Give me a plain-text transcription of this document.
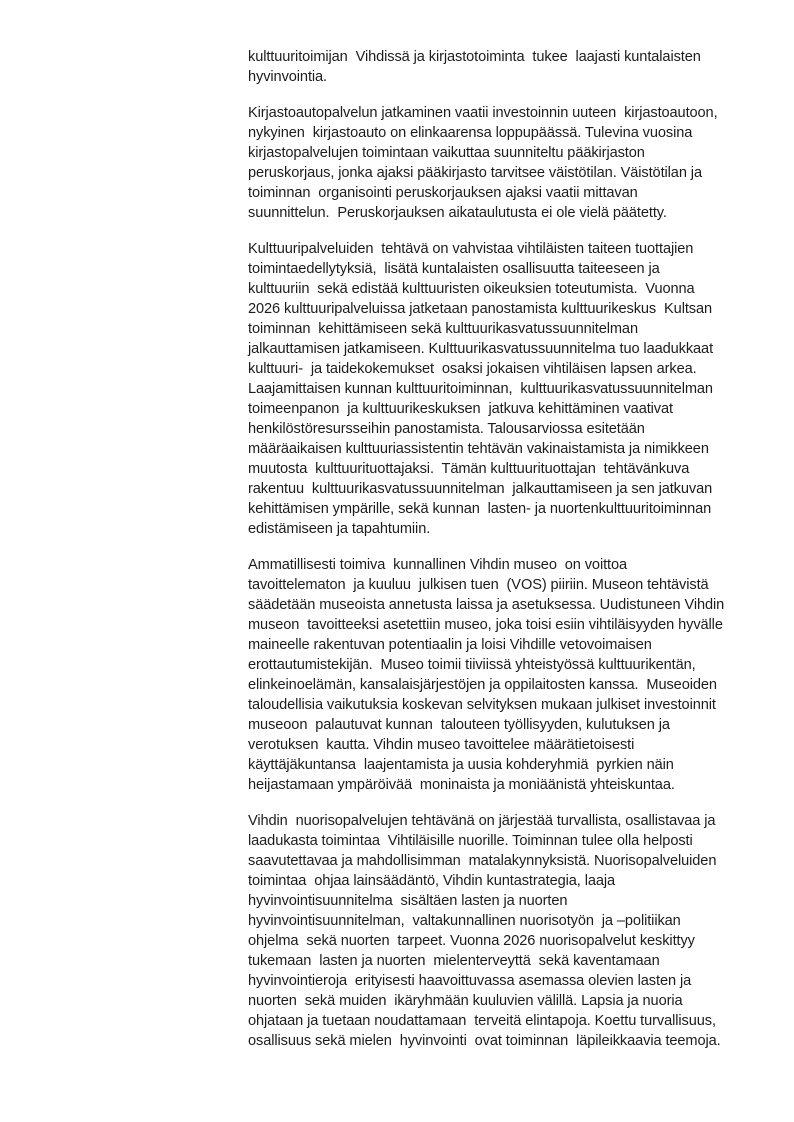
kulttuuritoimijan  Vihdissä ja kirjastotoiminta  tukee  laajasti kuntalaisten
hyvinvointia.
Kirjastoautopalvelun jatkaminen vaatii investoinnin uuteen  kirjastoautoon,
nykyinen  kirjastoauto on elinkaarensa loppupäässä. Tulevina vuosina
kirjastopalvelujen toimintaan vaikuttaa suunniteltu pääkirjaston
peruskorjaus, jonka ajaksi pääkirjasto tarvitsee väistötilan. Väistötilan ja
toiminnan  organisointi peruskorjauksen ajaksi vaatii mittavan
suunnittelun.  Peruskorjauksen aikataulutusta ei ole vielä päätetty.
Kulttuuripalveluiden  tehtävä on vahvistaa vihtiläisten taiteen tuottajien
toimintaedellytyksiä,  lisätä kuntalaisten osallisuutta taiteeseen ja
kulttuuriin  sekä edistää kulttuuristen oikeuksien toteutumista.  Vuonna
2026 kulttuuripalveluissa jatketaan panostamista kulttuurikeskus  Kultsan
toiminnan  kehittämiseen sekä kulttuurikasvatussuunnitelman
jalkauttamisen jatkamiseen. Kulttuurikasvatussuunnitelma tuo laadukkaat
kulttuuri-  ja taidekokemukset  osaksi jokaisen vihtiläisen lapsen arkea.
Laajamittaisen kunnan kulttuuritoiminnan,  kulttuurikasvatussuunnitelman
toimeenpanon  ja kulttuurikeskuksen  jatkuva kehittäminen vaativat
henkilöstöresursseihin panostamista. Talousarviossa esitetään
määräaikaisen kulttuuriassistentin tehtävän vakinaistamista ja nimikkeen
muutosta  kulttuurituottajaksi.  Tämän kulttuurituottajan  tehtävänkuva
rakentuu  kulttuurikasvatussuunnitelman  jalkauttamiseen ja sen jatkuvan
kehittämisen ympärille, sekä kunnan  lasten- ja nuortenkulttuuritoiminnan
edistämiseen ja tapahtumiin.
Ammatillisesti toimiva  kunnallinen Vihdin museo  on voittoa
tavoittelematon  ja kuuluu  julkisen tuen  (VOS) piiriin. Museon tehtävistä
säädetään museoista annetusta laissa ja asetuksessa. Uudistuneen Vihdin
museon  tavoitteeksi asetettiin museo, joka toisi esiin vihtiläisyyden hyvälle
maineelle rakentuvan potentiaalin ja loisi Vihdille vetovoimaisen
erottautumistekijän.  Museo toimii tiiviissä yhteistyössä kulttuurikentän,
elinkeinoelämän, kansalaisjärjestöjen ja oppilaitosten kanssa.  Museoiden
taloudellisia vaikutuksia koskevan selvityksen mukaan julkiset investoinnit
museoon  palautuvat kunnan  talouteen työllisyyden, kulutuksen ja
verotuksen  kautta. Vihdin museo tavoittelee määrätietoisesti
käyttäjäkuntansa  laajentamista ja uusia kohderyhmiä  pyrkien näin
heijastamaan ympäröivää  moninaista ja moniäänistä yhteiskuntaa.
Vihdin  nuorisopalvelujen tehtävänä on järjestää turvallista, osallistavaa ja
laadukasta toimintaa  Vihtiläisille nuorille. Toiminnan tulee olla helposti
saavutettavaa ja mahdollisimman  matalakynnyksistä. Nuorisopalveluiden
toimintaa  ohjaa lainsäädäntö, Vihdin kuntastrategia, laaja
hyvinvointisuunnitelma  sisältäen lasten ja nuorten
hyvinvointisuunnitelman,  valtakunnallinen nuorisotyön  ja –politiikan
ohjelma  sekä nuorten  tarpeet. Vuonna 2026 nuorisopalvelut keskittyy
tukemaan  lasten ja nuorten  mielenterveyttä  sekä kaventamaan
hyvinvointieroja  erityisesti haavoittuvassa asemassa olevien lasten ja
nuorten  sekä muiden  ikäryhmään kuuluvien välillä. Lapsia ja nuoria
ohjataan ja tuetaan noudattamaan  terveitä elintapoja. Koettu turvallisuus,
osallisuus sekä mielen  hyvinvointi  ovat toiminnan  läpileikkaavia teemoja.
